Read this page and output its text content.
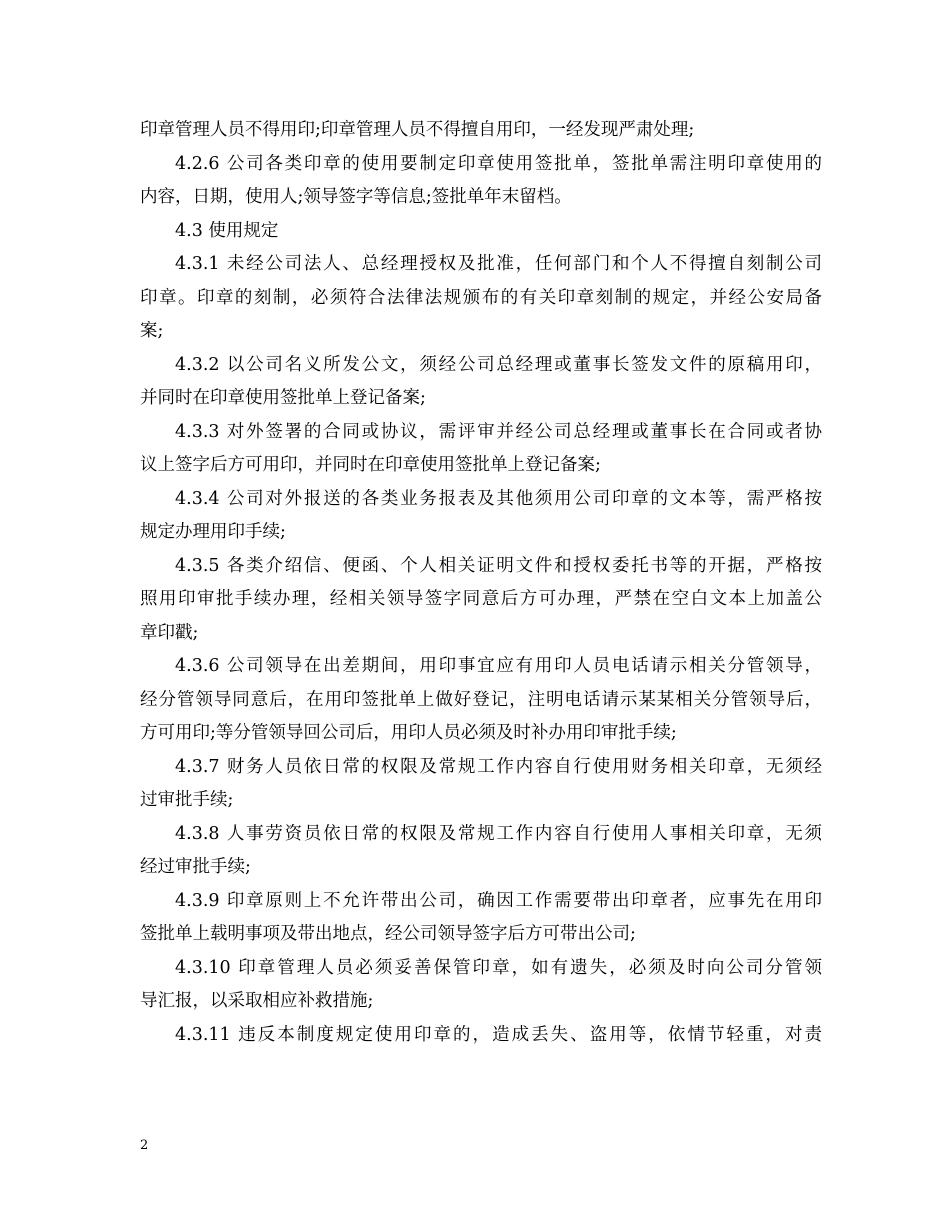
印章管理人员不得用印;印章管理人员不得擅自用印，一经发现严肃处理;
4.2.6 公司各类印章的使用要制定印章使用签批单，签批单需注明印章使用的
内容，日期，使用人;领导签字等信息;签批单年末留档。
4.3 使用规定
4.3.1 未经公司法人、总经理授权及批准，任何部门和个人不得擅自刻制公司
印章。印章的刻制，必须符合法律法规颁布的有关印章刻制的规定，并经公安局备
案;
4.3.2 以公司名义所发公文，须经公司总经理或董事长签发文件的原稿用印，
并同时在印章使用签批单上登记备案;
4.3.3 对外签署的合同或协议，需评审并经公司总经理或董事长在合同或者协
议上签字后方可用印，并同时在印章使用签批单上登记备案;
4.3.4 公司对外报送的各类业务报表及其他须用公司印章的文本等，需严格按
规定办理用印手续;
4.3.5 各类介绍信、便函、个人相关证明文件和授权委托书等的开据，严格按
照用印审批手续办理，经相关领导签字同意后方可办理，严禁在空白文本上加盖公
章印戳;
4.3.6 公司领导在出差期间，用印事宜应有用印人员电话请示相关分管领导，
经分管领导同意后，在用印签批单上做好登记，注明电话请示某某相关分管领导后，
方可用印;等分管领导回公司后，用印人员必须及时补办用印审批手续;
4.3.7 财务人员依日常的权限及常规工作内容自行使用财务相关印章，无须经
过审批手续;
4.3.8 人事劳资员依日常的权限及常规工作内容自行使用人事相关印章，无须
经过审批手续;
4.3.9 印章原则上不允许带出公司，确因工作需要带出印章者，应事先在用印
签批单上载明事项及带出地点，经公司领导签字后方可带出公司;
4.3.10 印章管理人员必须妥善保管印章，如有遗失，必须及时向公司分管领
导汇报，以采取相应补救措施;
4.3.11 违反本制度规定使用印章的，造成丢失、盗用等，依情节轻重，对责
2
